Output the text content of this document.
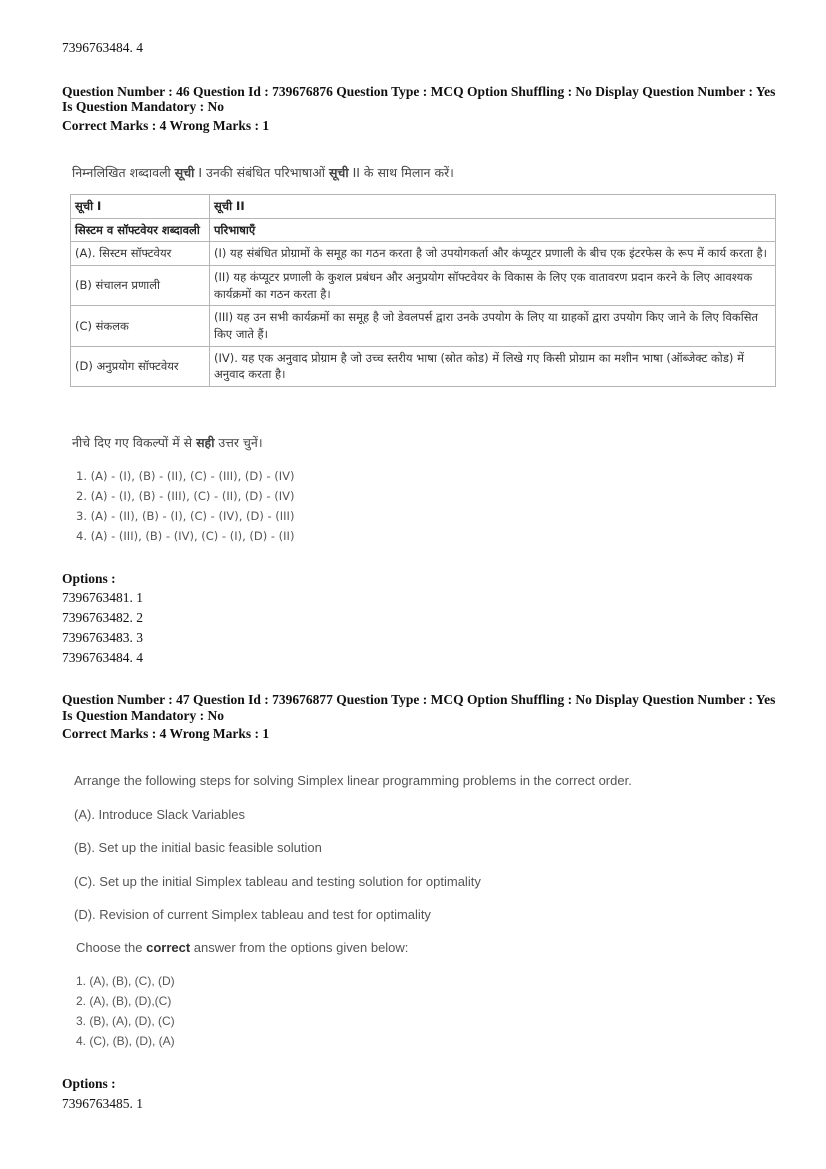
7396763484. 4
Question Number : 46 Question Id : 739676876 Question Type : MCQ Option Shuffling : No Display Question Number : Yes
Is Question Mandatory : No
Correct Marks : 4 Wrong Marks : 1
निम्नलिखित शब्दावली सूची I उनकी संबंधित परिभाषाओं सूची II के साथ मिलान करें।
सूची I	सूची II
सिस्टम व सॉफ्टवेयर शब्दावली	परिभाषाएँ
(A). सिस्टम सॉफ्टवेयर	(I) यह संबंधित प्रोग्रामों के समूह का गठन करता है जो उपयोगकर्ता और कंप्यूटर प्रणाली के बीच एक इंटरफेस के रूप में कार्य करता है।
(B) संचालन प्रणाली	(II) यह कंप्यूटर प्रणाली के कुशल प्रबंधन और अनुप्रयोग सॉफ्टवेयर के विकास के लिए एक वातावरण प्रदान करने के लिए आवश्यक कार्यक्रमों का गठन करता है।
(C) संकलक	(III) यह उन सभी कार्यक्रमों का समूह है जो डेवलपर्स द्वारा उनके उपयोग के लिए या ग्राहकों द्वारा उपयोग किए जाने के लिए विकसित किए जाते हैं।
(D) अनुप्रयोग सॉफ्टवेयर	(IV). यह एक अनुवाद प्रोग्राम है जो उच्च स्तरीय भाषा (स्रोत कोड) में लिखे गए किसी प्रोग्राम का मशीन भाषा (ऑब्जेक्ट कोड) में अनुवाद करता है।
नीचे दिए गए विकल्पों में से सही उत्तर चुनें।
1. (A) - (I), (B) - (II), (C) - (III), (D) - (IV)
2. (A) - (I), (B) - (III), (C) - (II), (D) - (IV)
3. (A) - (II), (B) - (I), (C) - (IV), (D) - (III)
4. (A) - (III), (B) - (IV), (C) - (I), (D) - (II)
Options :
7396763481. 1
7396763482. 2
7396763483. 3
7396763484. 4
Question Number : 47 Question Id : 739676877 Question Type : MCQ Option Shuffling : No Display Question Number : Yes
Is Question Mandatory : No
Correct Marks : 4 Wrong Marks : 1
Arrange the following steps for solving Simplex linear programming problems in the correct order.
(A). Introduce Slack Variables
(B). Set up the initial basic feasible solution
(C). Set up the initial Simplex tableau and testing solution for optimality
(D). Revision of current Simplex tableau and test for optimality
Choose the correct answer from the options given below:
1. (A), (B), (C), (D)
2. (A), (B), (D),(C)
3. (B), (A), (D), (C)
4. (C), (B), (D), (A)
Options :
7396763485. 1
